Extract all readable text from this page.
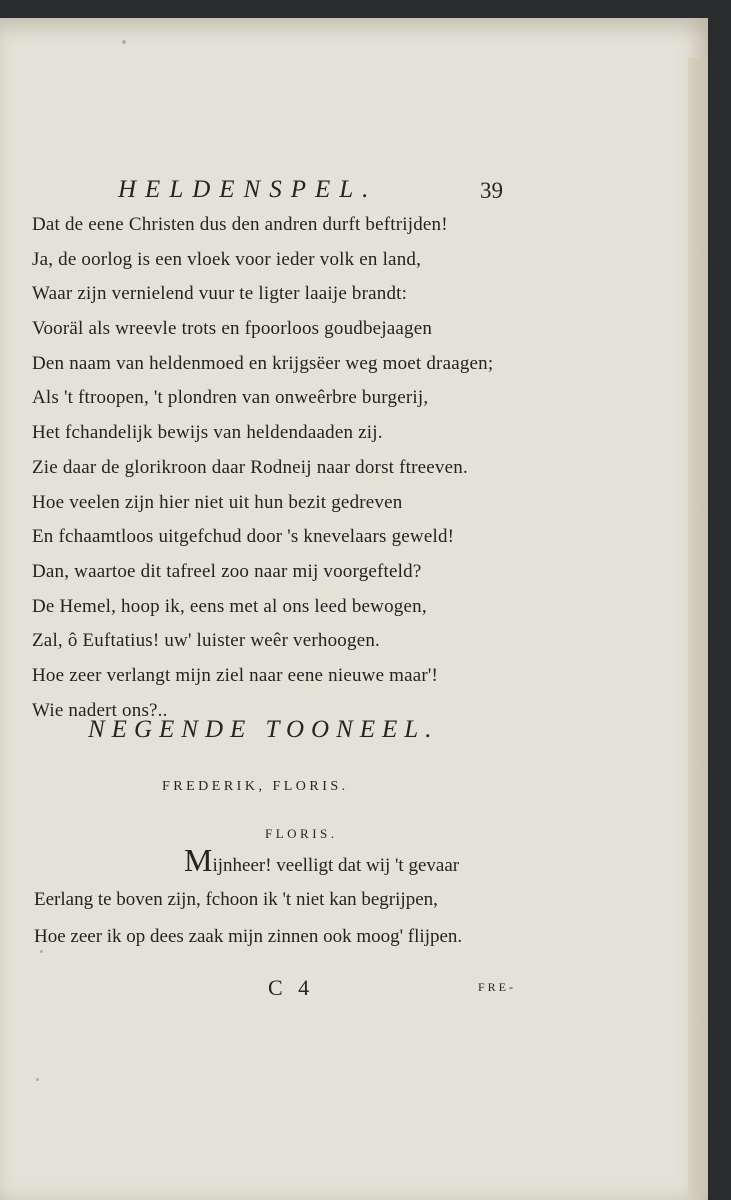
HELDENSPEL.	39
Dat de eene Christen dus den andren durft beftrijden!
Ja, de oorlog is een vloek voor ieder volk en land,
Waar zijn vernielend vuur te ligter laaije brandt:
Vooräl als wreevle trots en fpoorloos goudbejaagen
Den naam van heldenmoed en krijgsëer weg moet draagen;
Als 't ftroopen, 't plondren van onweêrbre burgerij,
Het fchandelijk bewijs van heldendaaden zij.
Zie daar de glorikroon daar Rodneij naar dorst ftreeven.
Hoe veelen zijn hier niet uit hun bezit gedreven
En fchaamtloos uitgefchud door 's knevelaars geweld!
Dan, waartoe dit tafreel zoo naar mij voorgefteld?
De Hemel, hoop ik, eens met al ons leed bewogen,
Zal, ô Euftatius! uw' luister weêr verhoogen.
Hoe zeer verlangt mijn ziel naar eene nieuwe maar'!
Wie nadert ons?..
NEGENDE TOONEEL.
FREDERIK, FLORIS.
FLORIS.
Mijnheer! veelligt dat wij 't gevaar
Eerlang te boven zijn, fchoon ik 't niet kan begrijpen,
Hoe zeer ik op dees zaak mijn zinnen ook moog' flijpen.
C 4	FRE-
